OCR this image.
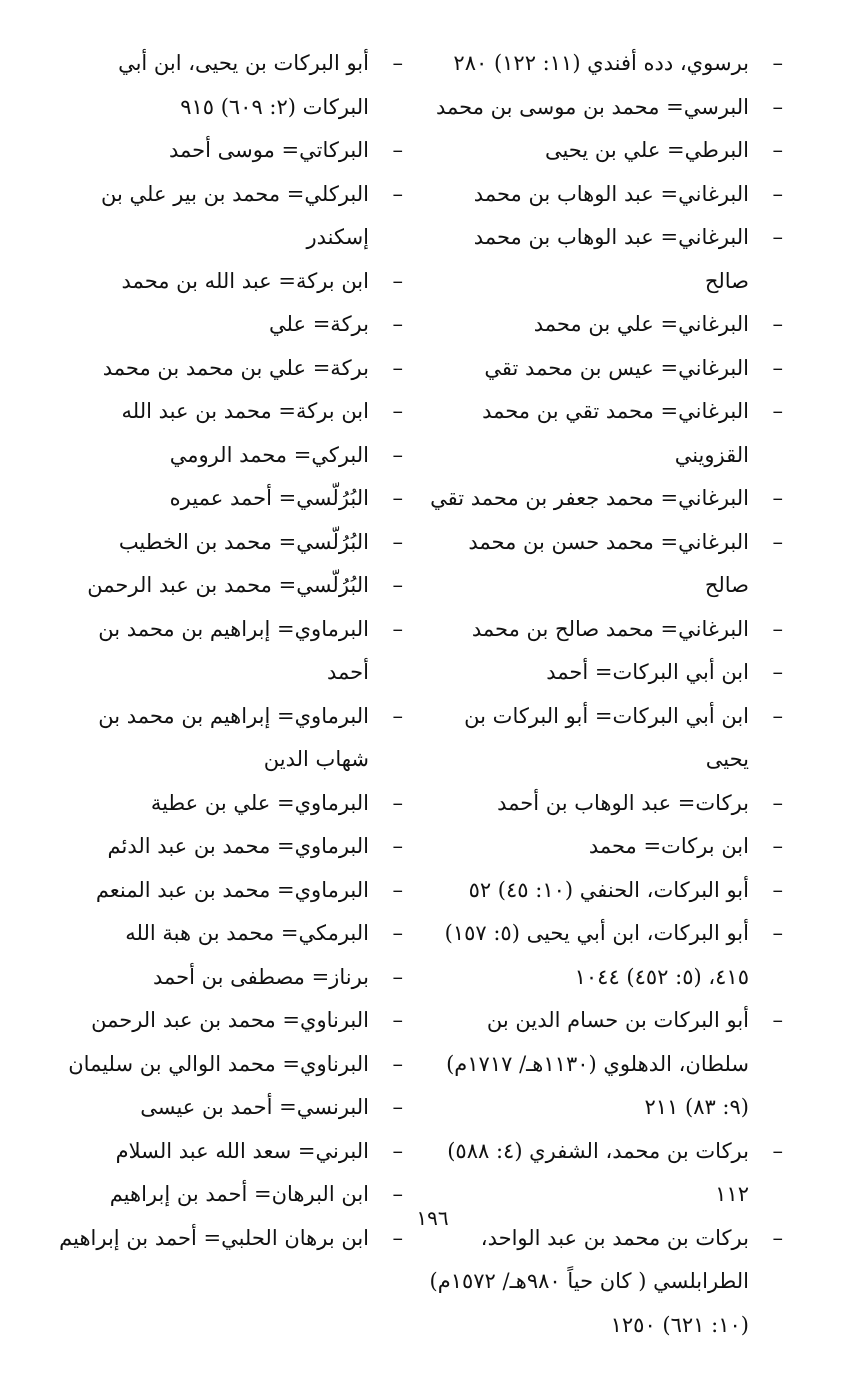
–
برسوي، دده أفندي (١١: ١٢٢) ٢٨٠

–
البرسي= محمد بن موسى بن محمد

–
البرطي= علي بن يحيى

–
البرغاني= عبد الوهاب بن محمد

–
البرغاني= عبد الوهاب بن محمد صالح

–
البرغاني= علي بن محمد

–
البرغاني= عيس بن محمد تقي

–
البرغاني= محمد تقي بن محمد القزويني

–
البرغاني= محمد جعفر بن محمد تقي

–
البرغاني= محمد حسن بن محمد صالح

–
البرغاني= محمد صالح بن محمد

–
ابن أبي البركات= أحمد

–
ابن أبي البركات= أبو البركات بن يحيى

–
بركات= عبد الوهاب بن أحمد

–
ابن بركات= محمد

–
أبو البركات، الحنفي (١٠: ٤٥) ٥٢

–
أبو البركات، ابن أبي يحيى (٥: ١٥٧) ٤١٥، (٥: ٤٥٢) ١٠٤٤

–
أبو البركات بن حسام الدين بن سلطان، الدهلوي (١١٣٠هـ/ ١٧١٧م) (٩: ٨٣) ٢١١

–
بركات بن محمد، الشفري (٤: ٥٨٨) ١١٢

–
بركات بن محمد بن عبد الواحد، الطرابلسي ( كان حياً ٩٨٠هـ/ ١٥٧٢م) (١٠: ٦٢١) ١٢٥٠

–
أبو البركات بن يحيى، ابن أبي البركات (٢: ٦٠٩) ٩١٥

–
البركاتي= موسى أحمد

–
البركلي= محمد بن بير علي بن إسكندر

–
ابن بركة= عبد الله بن محمد

–
بركة= علي

–
بركة= علي بن محمد بن محمد

–
ابن بركة= محمد بن عبد الله

–
البركي= محمد الرومي

–
البُرُلّسي= أحمد عميره

–
البُرُلّسي= محمد بن الخطيب

–
البُرُلّسي= محمد بن عبد الرحمن

–
البرماوي= إبراهيم بن محمد بن أحمد

–
البرماوي= إبراهيم بن محمد بن شهاب الدين

–
البرماوي= علي بن عطية

–
البرماوي= محمد بن عبد الدئم

–
البرماوي= محمد بن عبد المنعم

–
البرمكي= محمد بن هبة الله

–
برناز= مصطفى بن أحمد

–
البرناوي= محمد بن عبد الرحمن

–
البرناوي= محمد الوالي بن سليمان

–
البرنسي= أحمد بن عيسى

–
البرني= سعد الله عبد السلام

–
ابن البرهان= أحمد بن إبراهيم

–
ابن برهان الحلبي= أحمد بن إبراهيم

١٩٦
